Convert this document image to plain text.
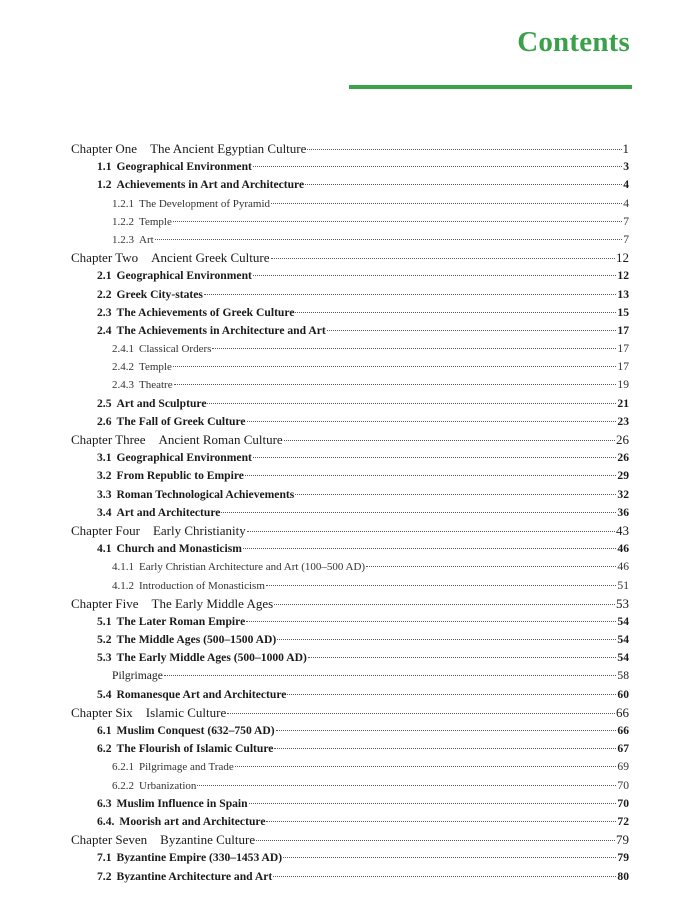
Contents
Chapter One The Ancient Egyptian Culture	1
1.1 Geographical Environment	3
1.2 Achievements in Art and Architecture	4
1.2.1 The Development of Pyramid	4
1.2.2 Temple	7
1.2.3 Art	7
Chapter Two Ancient Greek Culture	12
2.1 Geographical Environment	12
2.2 Greek City-states	13
2.3 The Achievements of Greek Culture	15
2.4 The Achievements in Architecture and Art	17
2.4.1 Classical Orders	17
2.4.2 Temple	17
2.4.3 Theatre	19
2.5 Art and Sculpture	21
2.6 The Fall of Greek Culture	23
Chapter Three Ancient Roman Culture	26
3.1 Geographical Environment	26
3.2 From Republic to Empire	29
3.3 Roman Technological Achievements	32
3.4 Art and Architecture	36
Chapter Four Early Christianity	43
4.1 Church and Monasticism	46
4.1.1 Early Christian Architecture and Art (100–500 AD)	46
4.1.2 Introduction of Monasticism	51
Chapter Five The Early Middle Ages	53
5.1 The Later Roman Empire	54
5.2 The Middle Ages (500–1500 AD)	54
5.3 The Early Middle Ages (500–1000 AD)	54
Pilgrimage	58
5.4 Romanesque Art and Architecture	60
Chapter Six Islamic Culture	66
6.1 Muslim Conquest (632–750 AD)	66
6.2 The Flourish of Islamic Culture	67
6.2.1 Pilgrimage and Trade	69
6.2.2 Urbanization	70
6.3 Muslim Influence in Spain	70
6.4. Moorish art and Architecture	72
Chapter Seven Byzantine Culture	79
7.1 Byzantine Empire (330–1453 AD)	79
7.2 Byzantine Architecture and Art	80
